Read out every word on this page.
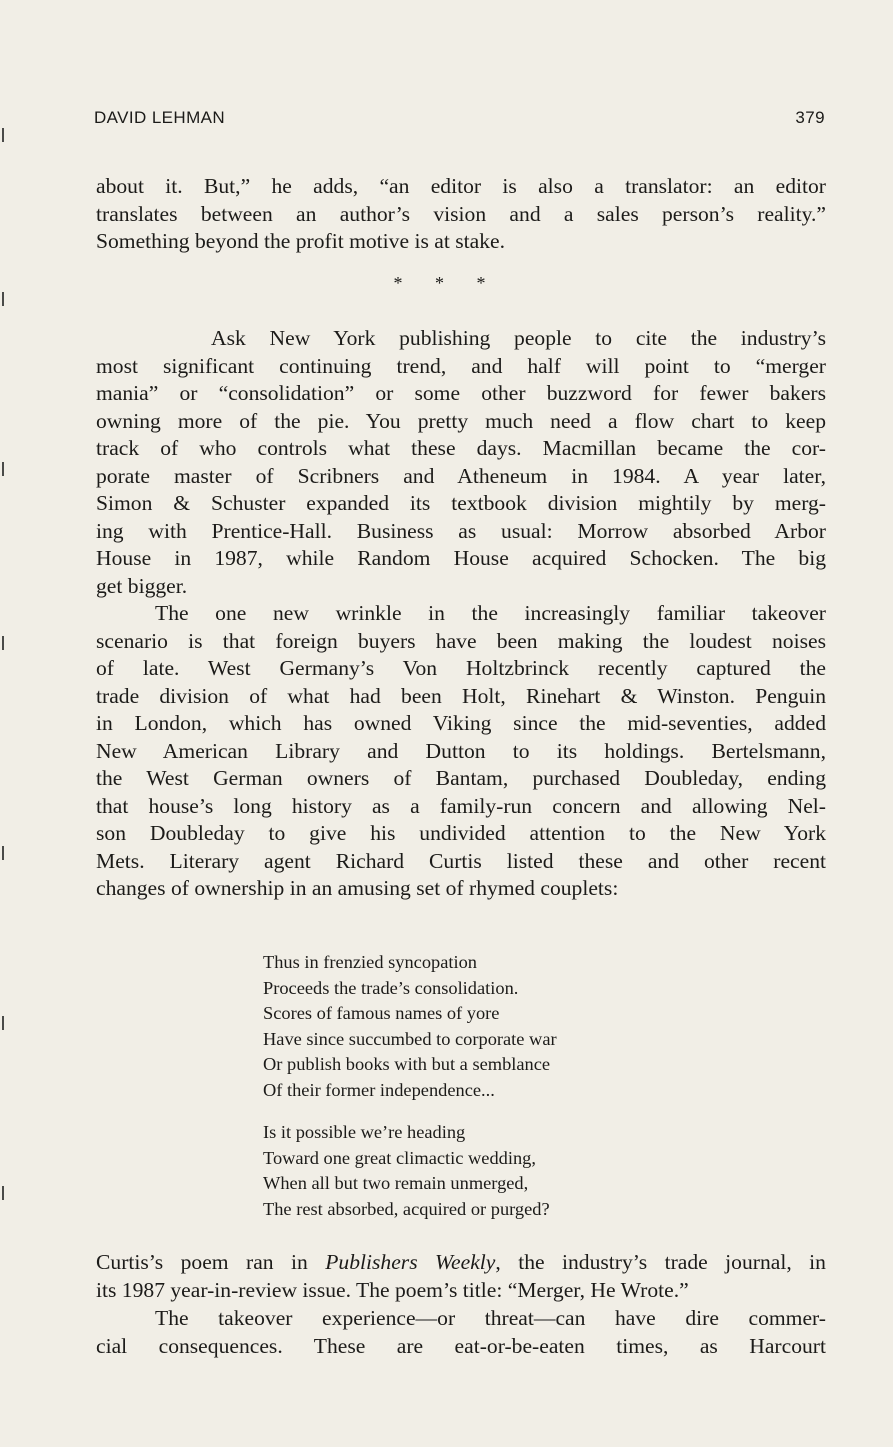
DAVID LEHMAN	379
about it. But,” he adds, “an editor is also a translator: an editor
translates between an author’s vision and a sales person’s reality.”
Something beyond the profit motive is at stake.
* * *
Ask New York publishing people to cite the industry’s
most significant continuing trend, and half will point to “merger
mania” or “consolidation” or some other buzzword for fewer bakers
owning more of the pie. You pretty much need a flow chart to keep
track of who controls what these days. Macmillan became the cor-
porate master of Scribners and Atheneum in 1984. A year later,
Simon & Schuster expanded its textbook division mightily by merg-
ing with Prentice-Hall. Business as usual: Morrow absorbed Arbor
House in 1987, while Random House acquired Schocken. The big
get bigger.
The one new wrinkle in the increasingly familiar takeover
scenario is that foreign buyers have been making the loudest noises
of late. West Germany’s Von Holtzbrinck recently captured the
trade division of what had been Holt, Rinehart & Winston. Penguin
in London, which has owned Viking since the mid-seventies, added
New American Library and Dutton to its holdings. Bertelsmann,
the West German owners of Bantam, purchased Doubleday, ending
that house’s long history as a family-run concern and allowing Nel-
son Doubleday to give his undivided attention to the New York
Mets. Literary agent Richard Curtis listed these and other recent
changes of ownership in an amusing set of rhymed couplets:
Thus in frenzied syncopation
Proceeds the trade’s consolidation.
Scores of famous names of yore
Have since succumbed to corporate war
Or publish books with but a semblance
Of their former independence...
Is it possible we’re heading
Toward one great climactic wedding,
When all but two remain unmerged,
The rest absorbed, acquired or purged?
Curtis’s poem ran in Publishers Weekly, the industry’s trade journal, in
its 1987 year-in-review issue. The poem’s title: “Merger, He Wrote.”
The takeover experience—or threat—can have dire commer-
cial consequences. These are eat-or-be-eaten times, as Harcourt
